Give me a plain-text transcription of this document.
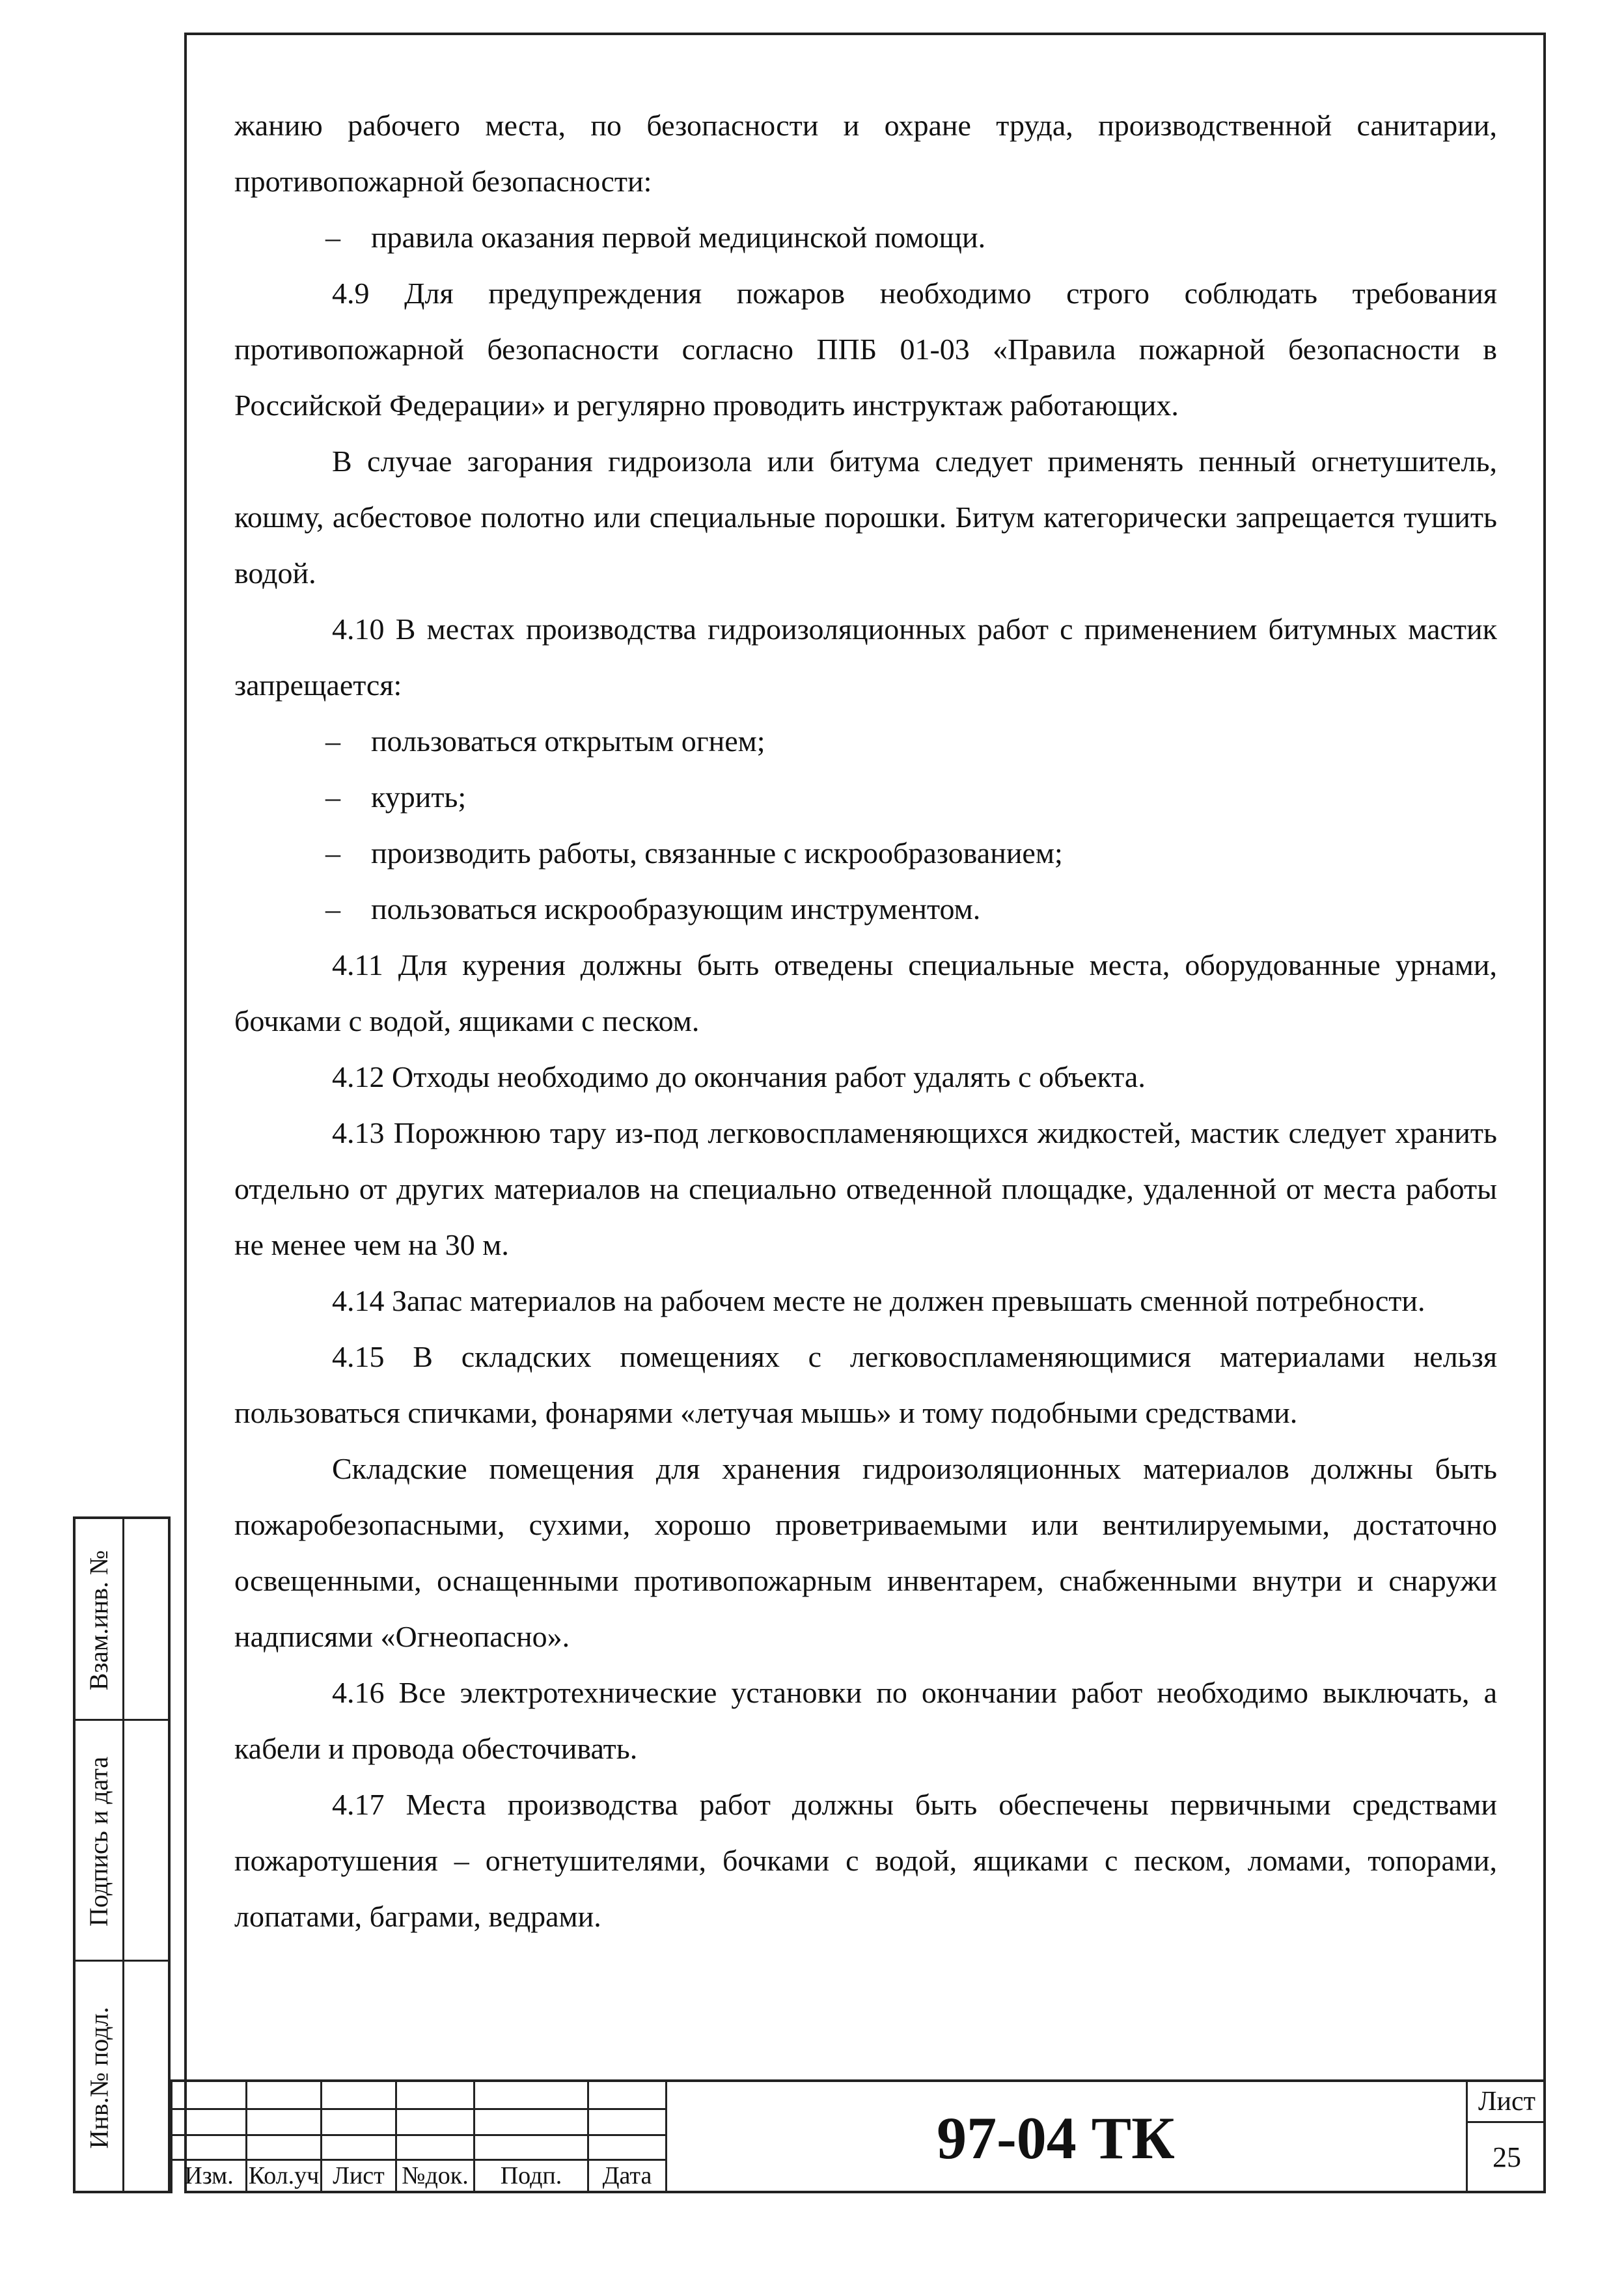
жанию рабочего места, по безопасности и охране труда, производственной санитарии, противопожарной безопасности:

– правила оказания первой медицинской помощи.

4.9 Для предупреждения пожаров необходимо строго соблюдать требования противопожарной безопасности согласно ППБ 01-03 «Правила пожарной безопасности в Российской Федерации» и регулярно проводить инструктаж работающих.

В случае загорания гидроизола или битума следует применять пенный огнетушитель, кошму, асбестовое полотно или специальные порошки. Битум категорически запрещается тушить водой.

4.10 В местах производства гидроизоляционных работ с применением битумных мастик запрещается:

– пользоваться открытым огнем;

– курить;

– производить работы, связанные с искрообразованием;

– пользоваться искрообразующим инструментом.

4.11 Для курения должны быть отведены специальные места, оборудованные урнами, бочками с водой, ящиками с песком.

4.12 Отходы необходимо до окончания работ удалять с объекта.

4.13 Порожнюю тару из-под легковоспламеняющихся жидкостей, мастик следует хранить отдельно от других материалов на специально отведенной площадке, удаленной от места работы не менее чем на 30 м.

4.14 Запас материалов на рабочем месте не должен превышать сменной потребности.

4.15 В складских помещениях с легковоспламеняющимися материалами нельзя пользоваться спичками, фонарями «летучая мышь» и тому подобными средствами.

Складские помещения для хранения гидроизоляционных материалов должны быть пожаробезопасными, сухими, хорошо проветриваемыми или вентилируемыми, достаточно освещенными, оснащенными противопожарным инвентарем, снабженными внутри и снаружи надписями «Огнеопасно».

4.16 Все электротехнические установки по окончании работ необходимо выключать, а кабели и провода обесточивать.

4.17 Места производства работ должны быть обеспечены первичными средствами пожаротушения – огнетушителями, бочками с водой, ящиками с песком, ломами, топорами, лопатами, баграми, ведрами.

Взам.инв. №
Подпись и дата
Инв.№ подл.
Изм. Кол.уч Лист №док.	Подп.	Дата
97-04 ТК
Лист
25
